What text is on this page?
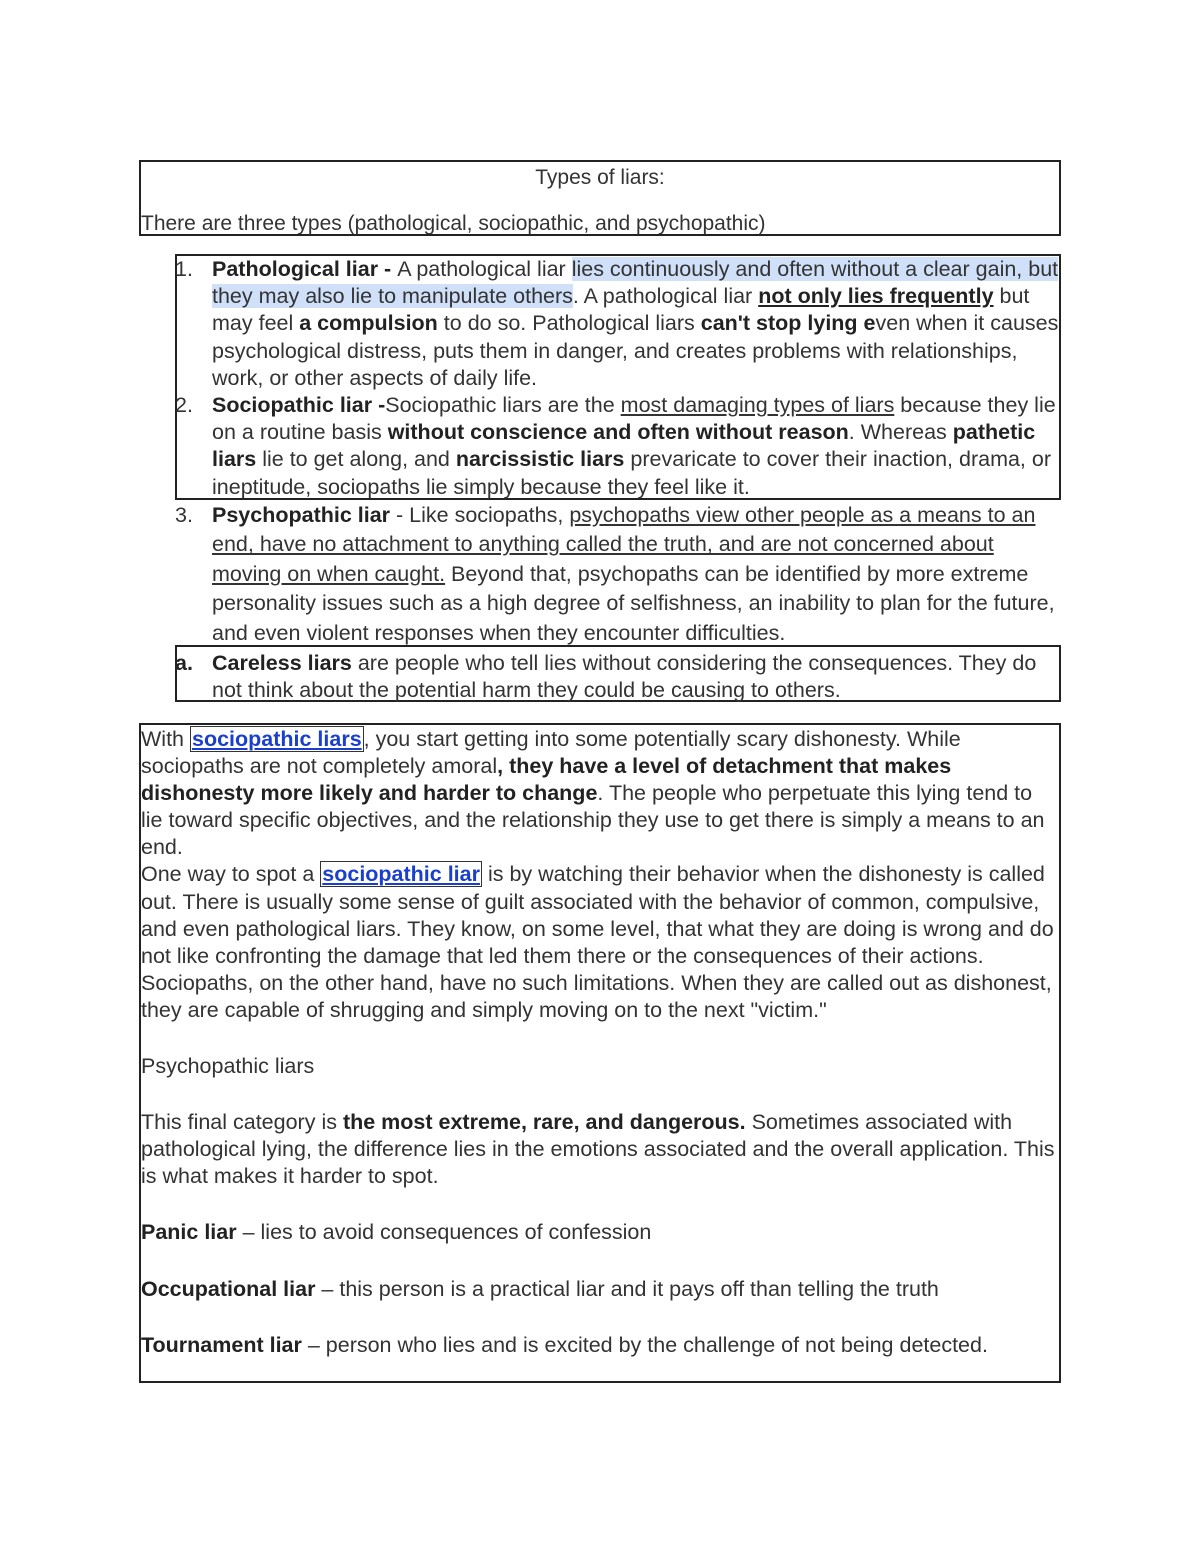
Types of liars:
There are three types (pathological, sociopathic, and psychopathic)
1. Pathological liar - A pathological liar lies continuously and often without a clear gain, but they may also lie to manipulate others. A pathological liar not only lies frequently but may feel a compulsion to do so. Pathological liars can't stop lying even when it causes psychological distress, puts them in danger, and creates problems with relationships, work, or other aspects of daily life.
2. Sociopathic liar -Sociopathic liars are the most damaging types of liars because they lie on a routine basis without conscience and often without reason. Whereas pathetic liars lie to get along, and narcissistic liars prevaricate to cover their inaction, drama, or ineptitude, sociopaths lie simply because they feel like it.
3. Psychopathic liar - Like sociopaths, psychopaths view other people as a means to an end, have no attachment to anything called the truth, and are not concerned about moving on when caught. Beyond that, psychopaths can be identified by more extreme personality issues such as a high degree of selfishness, an inability to plan for the future, and even violent responses when they encounter difficulties.
a. Careless liars are people who tell lies without considering the consequences. They do not think about the potential harm they could be causing to others.

With sociopathic liars, you start getting into some potentially scary dishonesty. While sociopaths are not completely amoral, they have a level of detachment that makes dishonesty more likely and harder to change. The people who perpetuate this lying tend to lie toward specific objectives, and the relationship they use to get there is simply a means to an end.

One way to spot a sociopathic liar is by watching their behavior when the dishonesty is called out. There is usually some sense of guilt associated with the behavior of common, compulsive, and even pathological liars. They know, on some level, that what they are doing is wrong and do not like confronting the damage that led them there or the consequences of their actions.

Sociopaths, on the other hand, have no such limitations. When they are called out as dishonest, they are capable of shrugging and simply moving on to the next "victim."

Psychopathic liars

This final category is the most extreme, rare, and dangerous. Sometimes associated with pathological lying, the difference lies in the emotions associated and the overall application. This is what makes it harder to spot.

Panic liar – lies to avoid consequences of confession

Occupational liar – this person is a practical liar and it pays off than telling the truth

Tournament liar – person who lies and is excited by the challenge of not being detected.
